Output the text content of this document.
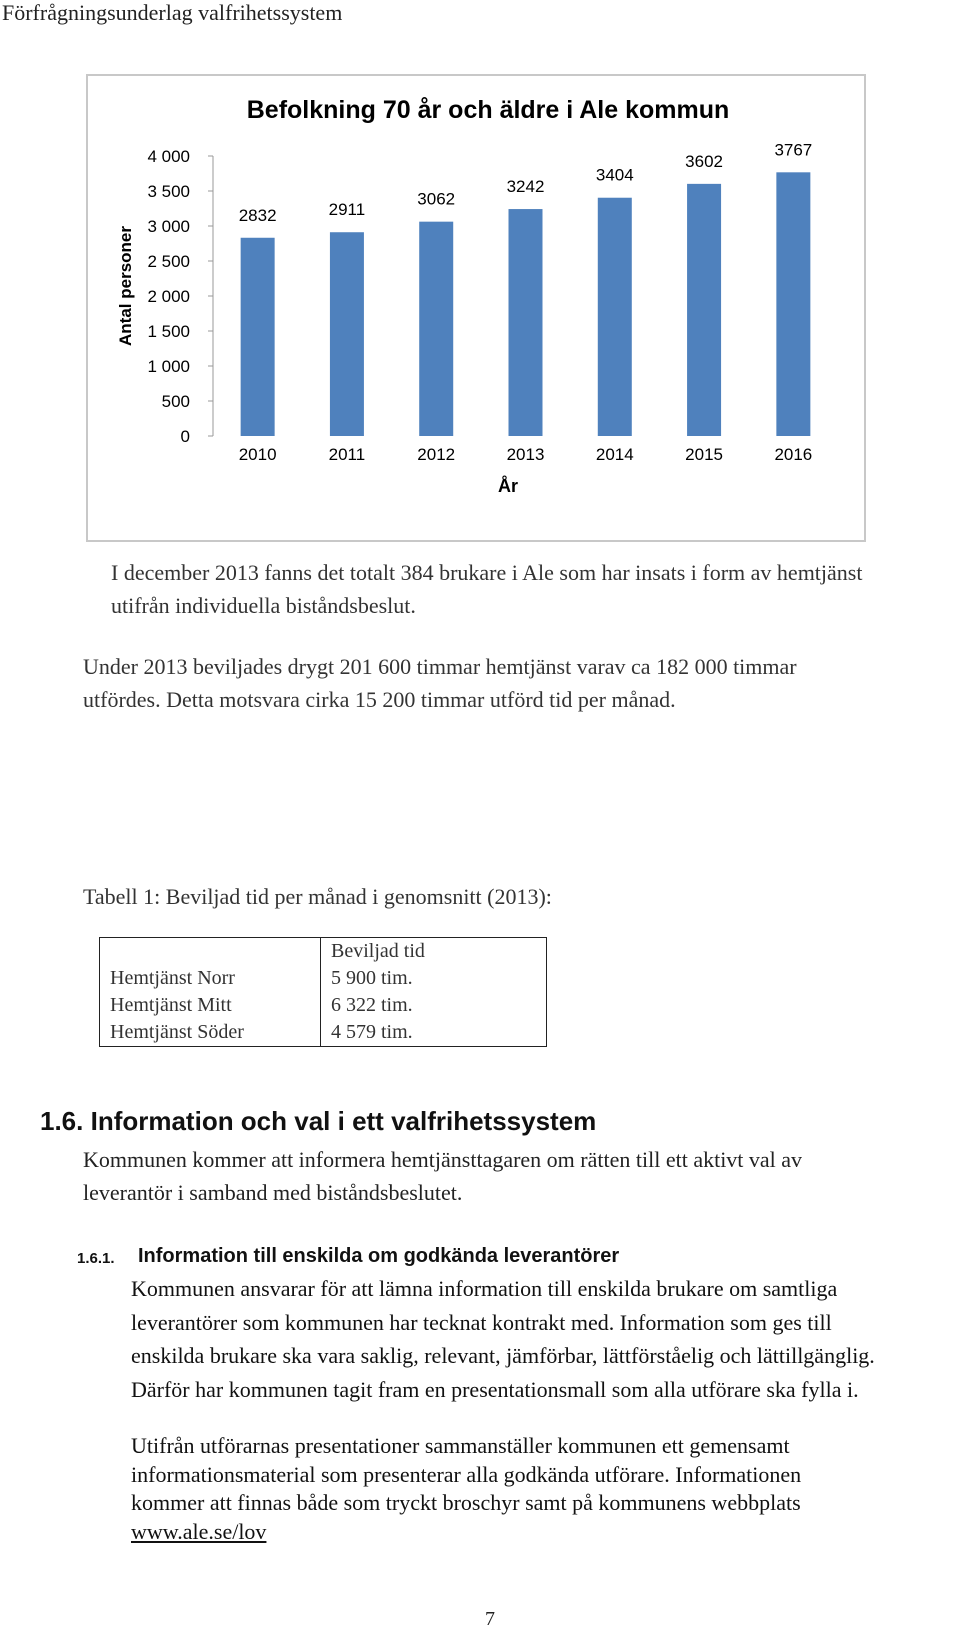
Förfrågningsunderlag valfrihetssystem
Befolkning 70 år och äldre i Ale kommun
Antal personer
År
0
500
1 000
1 500
2 000
2 500
3 000
3 500
4 000
2832
2010
2911
2011
3062
2012
3242
2013
3404
2014
3602
2015
3767
2016
I december 2013 fanns det totalt 384 brukare i Ale som har insats i form av hemtjänst
utifrån individuella biståndsbeslut.
Under 2013 beviljades drygt 201 600 timmar hemtjänst varav ca 182 000 timmar
utfördes. Detta motsvara cirka 15 200 timmar utförd tid per månad.
Tabell 1: Beviljad tid per månad i genomsnitt (2013):
	Beviljad tid
Hemtjänst Norr	5 900 tim.
Hemtjänst Mitt	6 322 tim.
Hemtjänst Söder	4 579 tim.
1.6. Information och val i ett valfrihetssystem
Kommunen kommer att informera hemtjänsttagaren om rätten till ett aktivt val av
leverantör i samband med biståndsbeslutet.
1.6.1. Information till enskilda om godkända leverantörer
Kommunen ansvarar för att lämna information till enskilda brukare om samtliga
leverantörer som kommunen har tecknat kontrakt med. Information som ges till
enskilda brukare ska vara saklig, relevant, jämförbar, lättförståelig och lättillgänglig.
Därför har kommunen tagit fram en presentationsmall som alla utförare ska fylla i.
Utifrån utförarnas presentationer sammanställer kommunen ett gemensamt
informationsmaterial som presenterar alla godkända utförare. Informationen
kommer att finnas både som tryckt broschyr samt på kommunens webbplats
www.ale.se/lov
7
